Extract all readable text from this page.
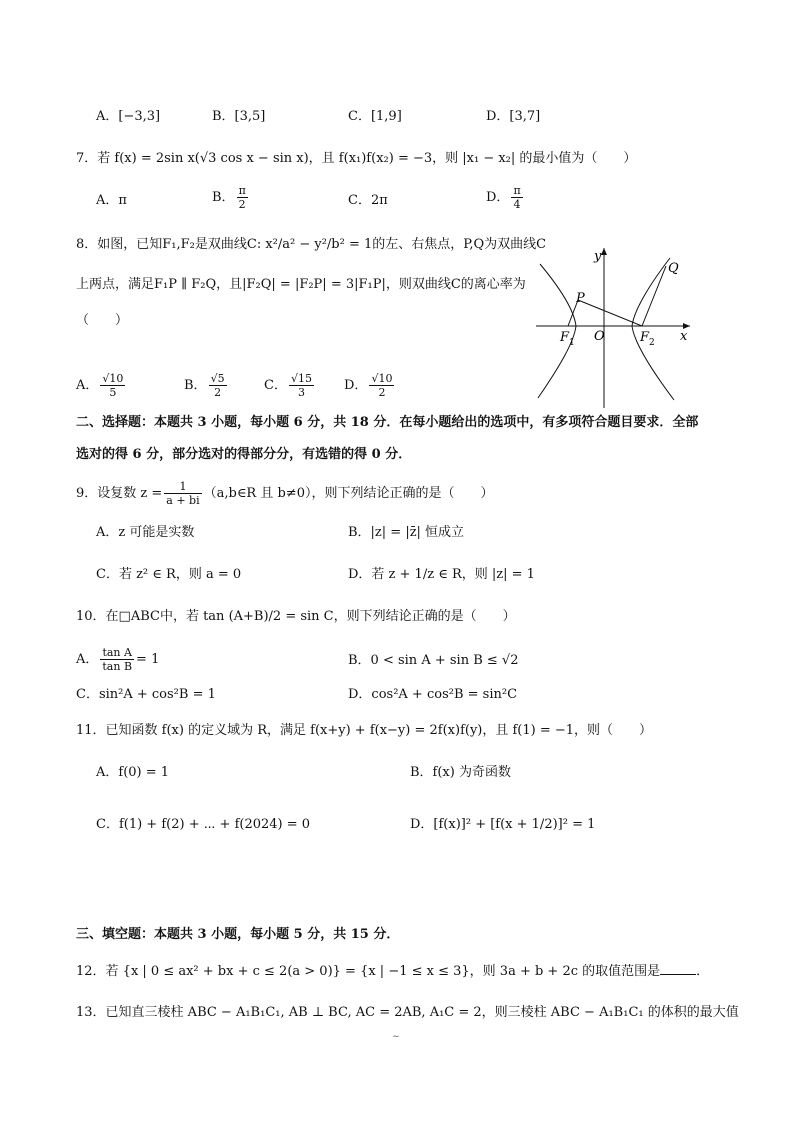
A．[−3,3]	B．[3,5]	C．[1,9]	D．[3,7]
7．若 f(x) = 2sin x(√3 cos x − sin x)，且 f(x₁)f(x₂) = −3，则 |x₁ − x₂| 的最小值为（　　）
A．π	B． $\frac{\pi}{2}$	C．2π	D． $\frac{\pi}{4}$
8．如图，已知F₁,F₂是双曲线C: x²/a² − y²/b² = 1的左、右焦点，P,Q为双曲线C
上两点，满足F₁P ∥ F₂Q，且|F₂Q| = |F₂P| = 3|F₁P|，则双曲线C的离心率为
（　　）
A． $\frac{√10}{5}$	B． $\frac{√5}{2}$	C． $\frac{√15}{3}$ D． $\frac{√10}{2}$
y
x
Q
P
O
$F_1$	$F_2$
二、选择题：本题共 3 小题，每小题 6 分，共 18 分．在每小题给出的选项中，有多项符合题目要求．全部
选对的得 6 分，部分选对的得部分分，有选错的得 0 分．
9．设复数 $z = \frac{1}{a + bi}$ （a,b∈R 且 b≠0），则下列结论正确的是（　　）
A．z 可能是实数	B．|z| = |z̄| 恒成立
C．若 z² ∈ R，则 a = 0	D．若 z + 1/z ∈ R，则 |z| = 1
10．在□ABC中，若 tan (A+B)/2 = sin C，则下列结论正确的是（　　）
A． $\frac{\text{tan A}}{\text{tan B}} = 1$	B．0 < sin A + sin B ≤ √2
C．sin²A + cos²B = 1	D．cos²A + cos²B = sin²C
11．已知函数 f(x) 的定义域为 R，满足 f(x+y) + f(x−y) = 2f(x)f(y)，且 f(1) = −1，则（　　）
A．f(0) = 1	B．f(x) 为奇函数
C．f(1) + f(2) + ⋯ + f(2024) = 0	D．[f(x)]² + [f(x + 1/2)]² = 1
三、填空题：本题共 3 小题，每小题 5 分，共 15 分．
12．若 {x | 0 ≤ ax² + bx + c ≤ 2(a > 0)} = {x | −1 ≤ x ≤ 3}，则 3a + b + 2c 的取值范围是	．
13．已知直三棱柱 ABC − A₁B₁C₁, AB ⊥ BC, AC = 2AB, A₁C = 2，则三棱柱 ABC − A₁B₁C₁ 的体积的最大值
~
